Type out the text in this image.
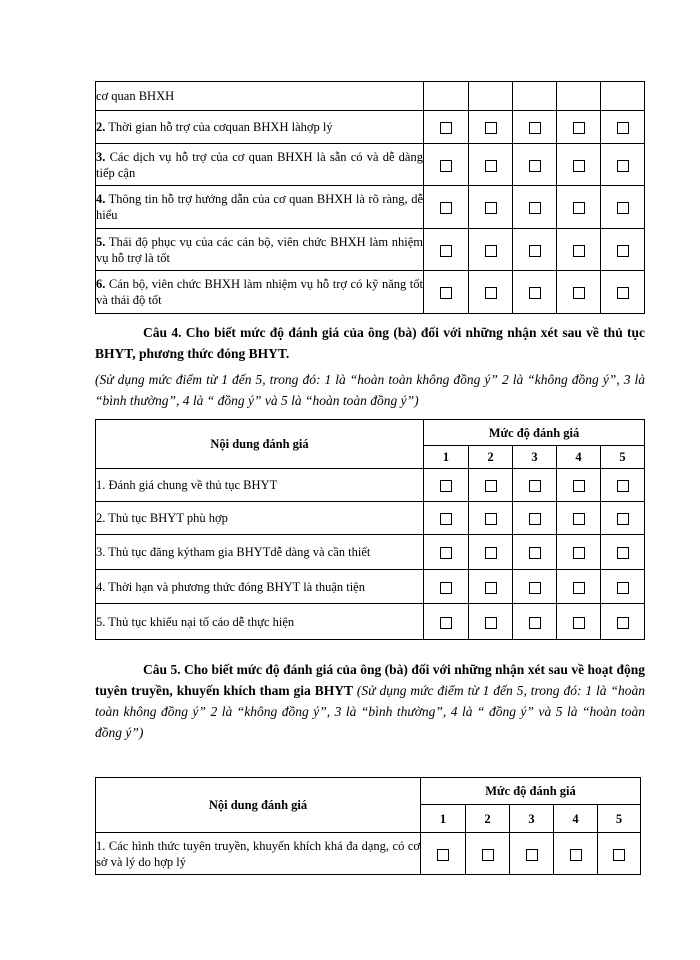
cơ quan BHXH					
2. Thời gian hỗ trợ của cơquan BHXH làhợp lý					
3. Các dịch vụ hỗ trợ của cơ quan BHXH là sẵn có và dễ dàng tiếp cận					
4. Thông tin hỗ trợ hướng dẫn của cơ quan BHXH là rõ ràng, dễ hiểu					
5. Thái độ phục vụ của các cán bộ, viên chức BHXH làm nhiệm vụ hỗ trợ là tốt					
6. Cán bộ, viên chức BHXH làm nhiệm vụ hỗ trợ có kỹ năng tốt và thái độ tốt					

Câu 4. Cho biết mức độ đánh giá của ông (bà) đối với những nhận xét sau về thủ tục BHYT, phương thức đóng BHYT.

(Sử dụng mức điểm từ 1 đến 5, trong đó: 1 là “hoàn toàn không đồng ý” 2 là “không đồng ý”, 3 là “bình thường”, 4 là “ đồng ý” và 5 là “hoàn toàn đồng ý”)

Nội dung đánh giá	Mức độ đánh giá				
	1	2	3	4	5
1. Đánh giá chung về thủ tục BHYT					
2. Thủ tục BHYT phù hợp					
3. Thủ tục đăng kýtham gia BHYTdễ dàng và cần thiết					
4. Thời hạn và phương thức đóng BHYT là thuận tiện					
5. Thủ tục khiếu nại tố cáo dễ thực hiện					

Câu 5. Cho biết mức độ đánh giá của ông (bà) đối với những nhận xét sau về hoạt động tuyên truyền, khuyến khích tham gia BHYT (Sử dụng mức điểm từ 1 đến 5, trong đó: 1 là “hoàn toàn không đồng ý” 2 là “không đồng ý”, 3 là “bình thường”, 4 là “ đồng ý” và 5 là “hoàn toàn đồng ý”)

Nội dung đánh giá	Mức độ đánh giá				
	1	2	3	4	5
1. Các hình thức tuyên truyền, khuyến khích khá đa dạng, có cơ sở và lý do hợp lý					
